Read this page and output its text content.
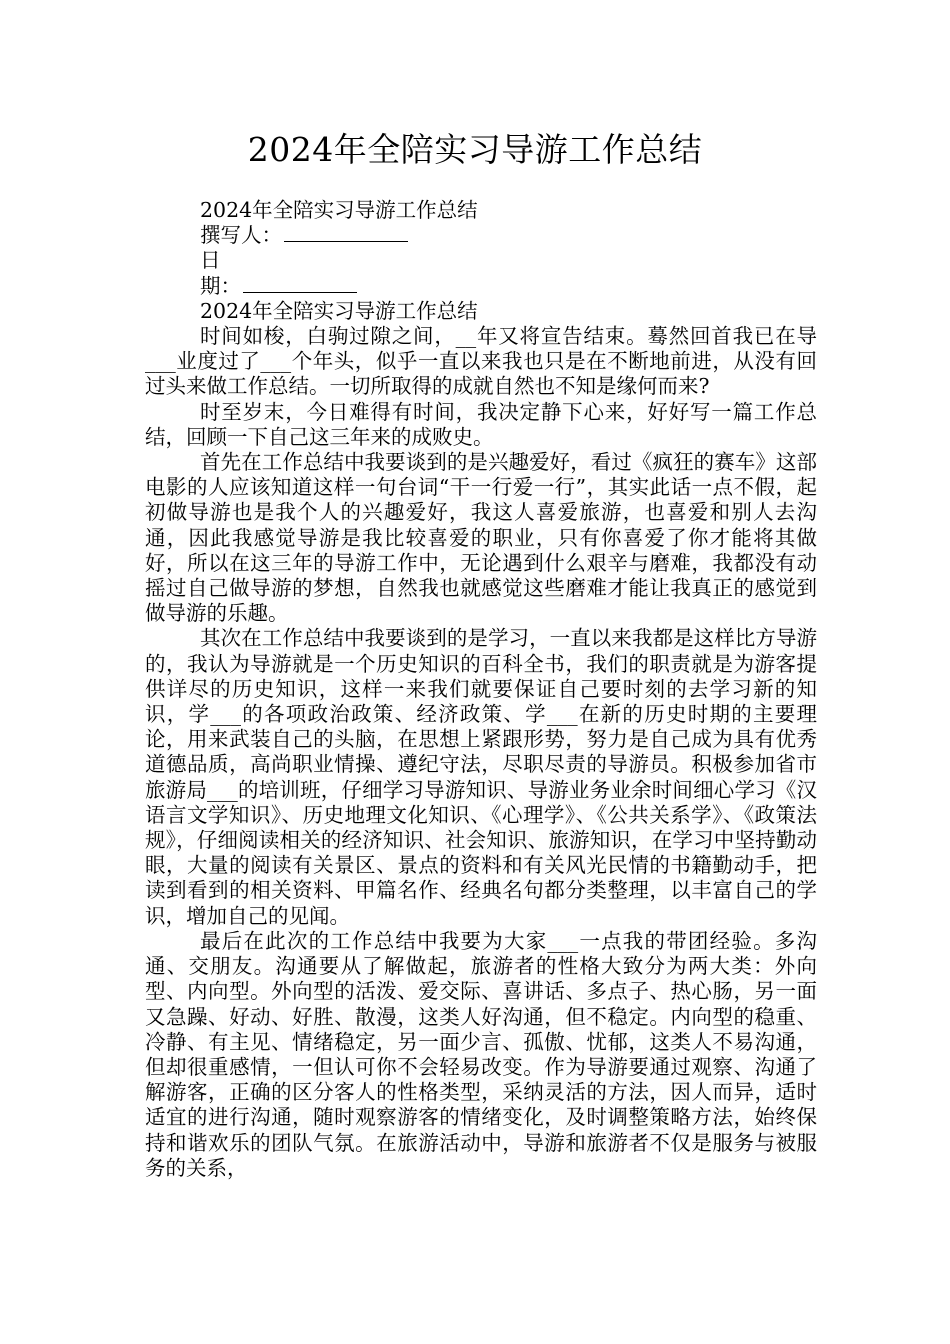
2024年全陪实习导游工作总结

2024年全陪实习导游工作总结

撰写人：

日

期：

2024年全陪实习导游工作总结

时间如梭，白驹过隙之间，__年又将宣告结束。蓦然回首我已在导___业度过了___个年头，似乎一直以来我也只是在不断地前进，从没有回过头来做工作总结。一切所取得的成就自然也不知是缘何而来?

时至岁末，今日难得有时间，我决定静下心来，好好写一篇工作总结，回顾一下自己这三年来的成败史。

首先在工作总结中我要谈到的是兴趣爱好，看过《疯狂的赛车》这部电影的人应该知道这样一句台词“干一行爱一行”，其实此话一点不假，起初做导游也是我个人的兴趣爱好，我这人喜爱旅游，也喜爱和别人去沟通，因此我感觉导游是我比较喜爱的职业，只有你喜爱了你才能将其做好，所以在这三年的导游工作中，无论遇到什么艰辛与磨难，我都没有动摇过自己做导游的梦想，自然我也就感觉这些磨难才能让我真正的感觉到做导游的乐趣。

其次在工作总结中我要谈到的是学习，一直以来我都是这样比方导游的，我认为导游就是一个历史知识的百科全书，我们的职责就是为游客提供详尽的历史知识，这样一来我们就要保证自己要时刻的去学习新的知识，学___的各项政治政策、经济政策、学___在新的历史时期的主要理论，用来武装自己的头脑，在思想上紧跟形势，努力是自己成为具有优秀道德品质，高尚职业情操、遵纪守法，尽职尽责的导游员。积极参加省市旅游局___的培训班，仔细学习导游知识、导游业务业余时间细心学习《汉语言文学知识》、历史地理文化知识、《心理学》、《公共关系学》、《政策法规》，仔细阅读相关的经济知识、社会知识、旅游知识，在学习中坚持勤动眼，大量的阅读有关景区、景点的资料和有关风光民情的书籍勤动手，把读到看到的相关资料、甲篇名作、经典名句都分类整理，以丰富自己的学识，增加自己的见闻。

最后在此次的工作总结中我要为大家___一点我的带团经验。多沟通、交朋友。沟通要从了解做起，旅游者的性格大致分为两大类：外向型、内向型。外向型的活泼、爱交际、喜讲话、多点子、热心肠，另一面又急躁、好动、好胜、散漫，这类人好沟通，但不稳定。内向型的稳重、冷静、有主见、情绪稳定，另一面少言、孤傲、忧郁，这类人不易沟通，但却很重感情，一但认可你不会轻易改变。作为导游要通过观察、沟通了解游客，正确的区分客人的性格类型，采纳灵活的方法，因人而异，适时适宜的进行沟通，随时观察游客的情绪变化，及时调整策略方法，始终保持和谐欢乐的团队气氛。在旅游活动中，导游和旅游者不仅是服务与被服务的关系，
